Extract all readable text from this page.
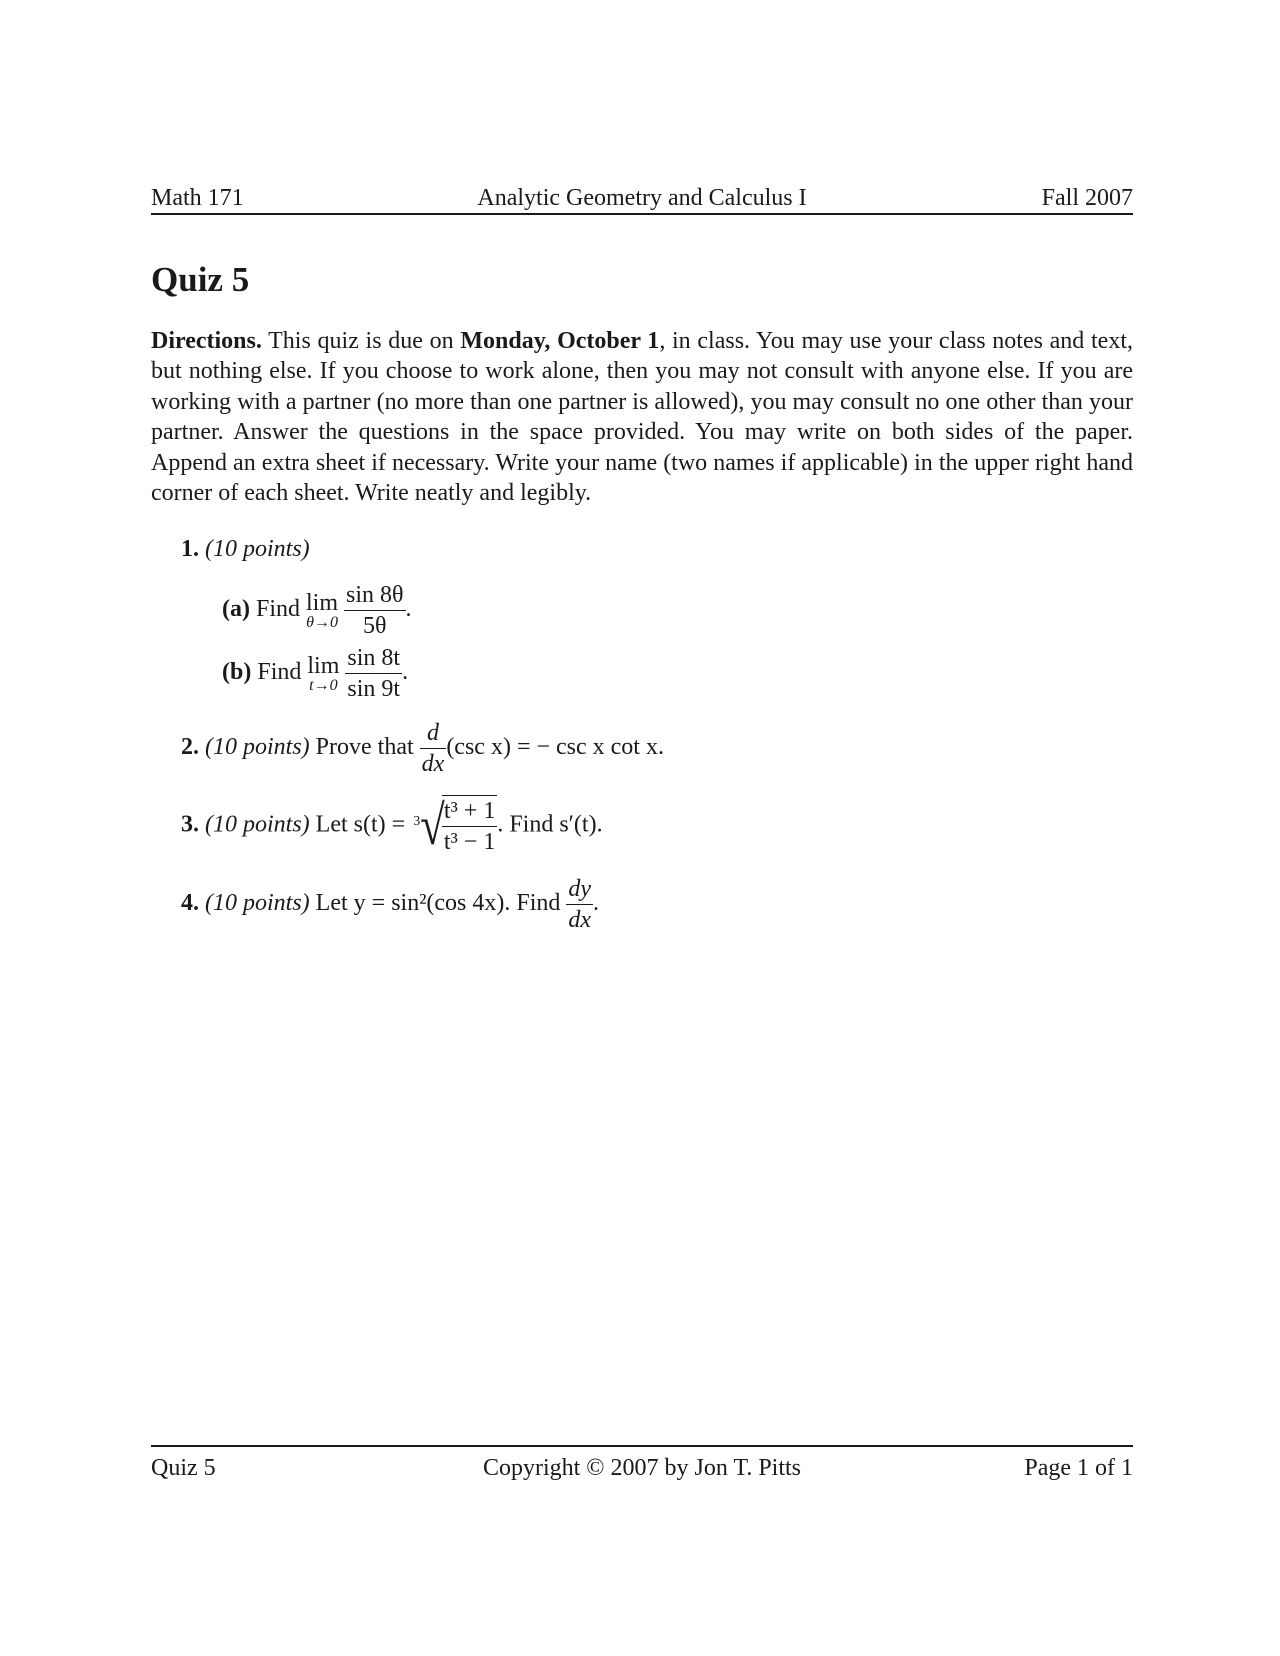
Math 171	Analytic Geometry and Calculus I	Fall 2007
Quiz 5

Directions. This quiz is due on Monday, October 1, in class. You may use your class notes and text, but nothing else. If you choose to work alone, then you may not consult with anyone else. If you are working with a partner (no more than one partner is allowed), you may consult no one other than your partner. Answer the questions in the space provided. You may write on both sides of the paper. Append an extra sheet if necessary. Write your name (two names if applicable) in the upper right hand corner of each sheet. Write neatly and legibly.

1. (10 points)
(a) Find lim
θ→0
$\frac{\sin 8\theta}{5\theta}$ .
(b) Find lim
t→0
$\frac{\sin 8t}{\sin 9t}$ .
2. (10 points) Prove that $\frac{d}{dx} (\csc$ x) = − csc x cot x.
3. (10 points) Let s(t) = 3 √
$\frac{\text{t³ + 1}}{\text{t³ − 1}}$ . Find s′(t).
4. (10 points) Let y = sin²(cos 4x). Find $\frac{dy}{dx}$ .
Quiz 5	Copyright © 2007 by Jon T. Pitts	Page 1 of 1
